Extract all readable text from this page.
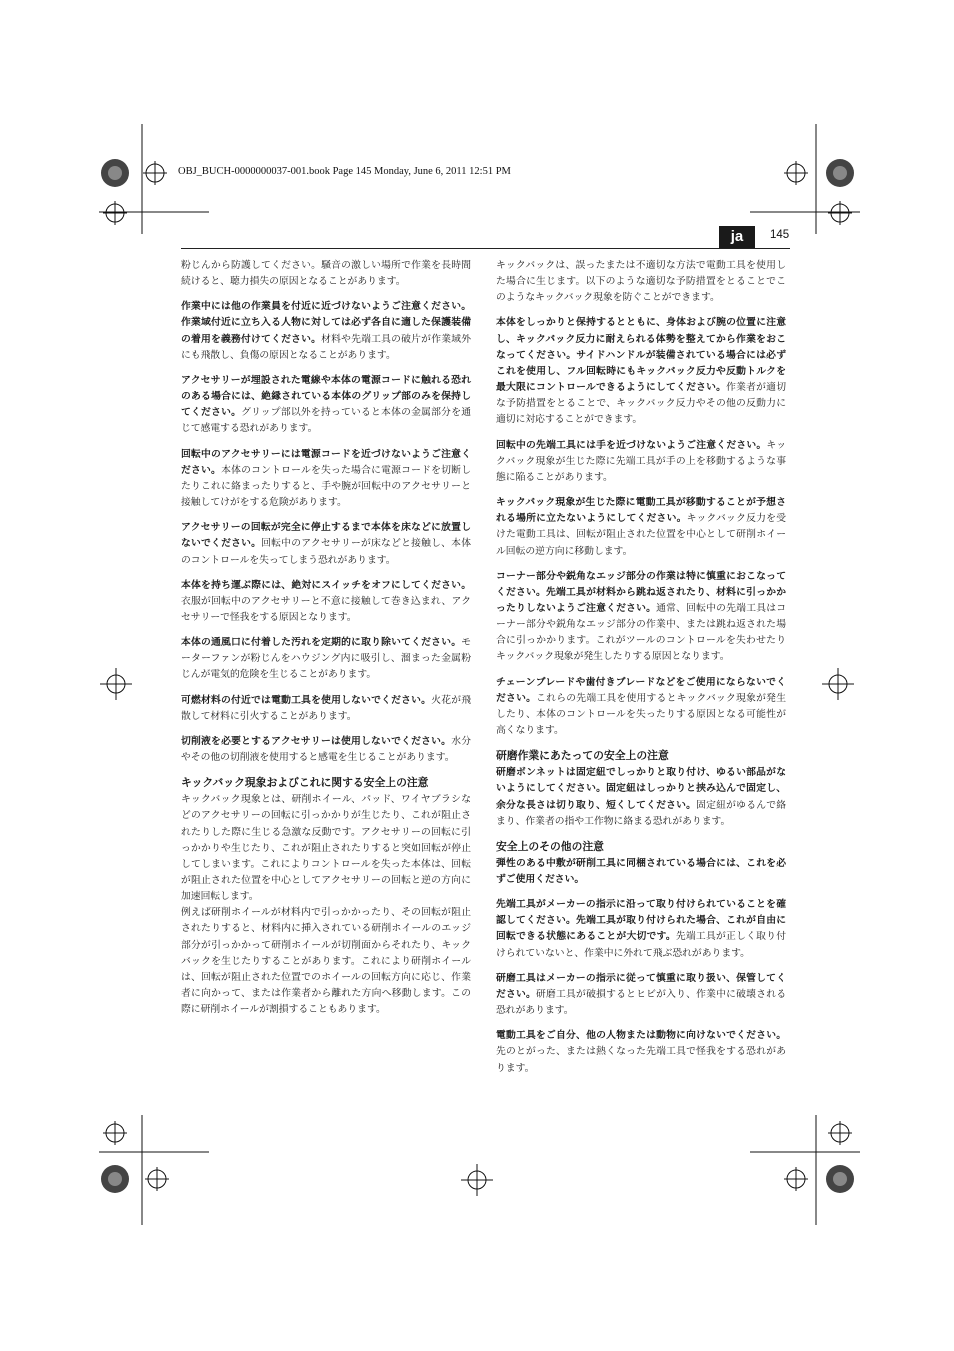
OBJ_BUCH-0000000037-001.book Page 145 Monday, June 6, 2011 12:51 PM
ja	145

粉じんから防護してください。騒音の激しい場所で作業を長時間続けると、聴力損失の原因となることがあります。

作業中には他の作業員を付近に近づけないようご注意ください。作業域付近に立ち入る人物に対しては必ず各自に適した保護装備の着用を義務付けてください。材料や先端工具の破片が作業域外にも飛散し、負傷の原因となることがあります。

アクセサリーが埋設された電線や本体の電源コードに触れる恐れのある場合には、絶縁されている本体のグリップ部のみを保持してください。グリップ部以外を持っていると本体の金属部分を通じて感電する恐れがあります。

回転中のアクセサリーには電源コードを近づけないようご注意ください。本体のコントロールを失った場合に電源コードを切断したりこれに絡まったりすると、手や腕が回転中のアクセサリーと接触してけがをする危険があります。

アクセサリーの回転が完全に停止するまで本体を床などに放置しないでください。回転中のアクセサリーが床などと接触し、本体のコントロールを失ってしまう恐れがあります。

本体を持ち運ぶ際には、絶対にスイッチをオフにしてください。衣服が回転中のアクセサリーと不意に接触して巻き込まれ、アクセサリーで怪我をする原因となります。

本体の通風口に付着した汚れを定期的に取り除いてください。モーターファンが粉じんをハウジング内に吸引し、溜まった金属粉じんが電気的危険を生じることがあります。

可燃材料の付近では電動工具を使用しないでください。火花が飛散して材料に引火することがあります。

切削液を必要とするアクセサリーは使用しないでください。水分やその他の切削液を使用すると感電を生じることがあります。

キックバック現象およびこれに関する安全上の注意

キックバック現象とは、研削ホイール、パッド、ワイヤブラシなどのアクセサリーの回転に引っかかりが生じたり、これが阻止されたりした際に生じる急激な反動です。アクセサリーの回転に引っかかりや生じたり、これが阻止されたりすると突如回転が停止してしまいます。これによりコントロールを失った本体は、回転が阻止された位置を中心としてアクセサリーの回転と逆の方向に加速回転します。

例えば研削ホイールが材料内で引っかかったり、その回転が阻止されたりすると、材料内に挿入されている研削ホイールのエッジ部分が引っかかって研削ホイールが切削面からそれたり、キックバックを生じたりすることがあります。これにより研削ホイールは、回転が阻止された位置でのホイールの回転方向に応じ、作業者に向かって、または作業者から離れた方向へ移動します。この際に研削ホイールが割損することもあります。

キックバックは、誤ったまたは不適切な方法で電動工具を使用した場合に生じます。以下のような適切な予防措置をとることでこのようなキックバック現象を防ぐことができます。

本体をしっかりと保持するとともに、身体および腕の位置に注意し、キックバック反力に耐えられる体勢を整えてから作業をおこなってください。サイドハンドルが装備されている場合には必ずこれを使用し、フル回転時にもキックバック反力や反動トルクを最大限にコントロールできるようにしてください。作業者が適切な予防措置をとることで、キックバック反力やその他の反動力に適切に対応することができます。

回転中の先端工具には手を近づけないようご注意ください。キックバック現象が生じた際に先端工具が手の上を移動するような事態に陥ることがあります。

キックバック現象が生じた際に電動工具が移動することが予想される場所に立たないようにしてください。キックバック反力を受けた電動工具は、回転が阻止された位置を中心として研削ホイール回転の逆方向に移動します。

コーナー部分や鋭角なエッジ部分の作業は特に慎重におこなってください。先端工具が材料から跳ね返されたり、材料に引っかかったりしないようご注意ください。通常、回転中の先端工具はコーナー部分や鋭角なエッジ部分の作業中、または跳ね返された場合に引っかかります。これがツールのコントロールを失わせたりキックバック現象が発生したりする原因となります。

チェーンブレードや歯付きブレードなどをご使用にならないでください。これらの先端工具を使用するとキックバック現象が発生したり、本体のコントロールを失ったりする原因となる可能性が高くなります。

研磨作業にあたっての安全上の注意

研磨ボンネットは固定紐でしっかりと取り付け、ゆるい部品がないようにしてください。固定紐はしっかりと挟み込んで固定し、余分な長さは切り取り、短くしてください。固定紐がゆるんで絡まり、作業者の指や工作物に絡まる恐れがあります。

安全上のその他の注意

弾性のある中敷が研削工具に同梱されている場合には、これを必ずご使用ください。

先端工具がメーカーの指示に沿って取り付けられていることを確認してください。先端工具が取り付けられた場合、これが自由に回転できる状態にあることが大切です。先端工具が正しく取り付けられていないと、作業中に外れて飛ぶ恐れがあります。

研磨工具はメーカーの指示に従って慎重に取り扱い、保管してください。研磨工具が破損するとヒビが入り、作業中に破壊される恐れがあります。

電動工具をご自分、他の人物または動物に向けないでください。先のとがった、または熱くなった先端工具で怪我をする恐れがあります。
